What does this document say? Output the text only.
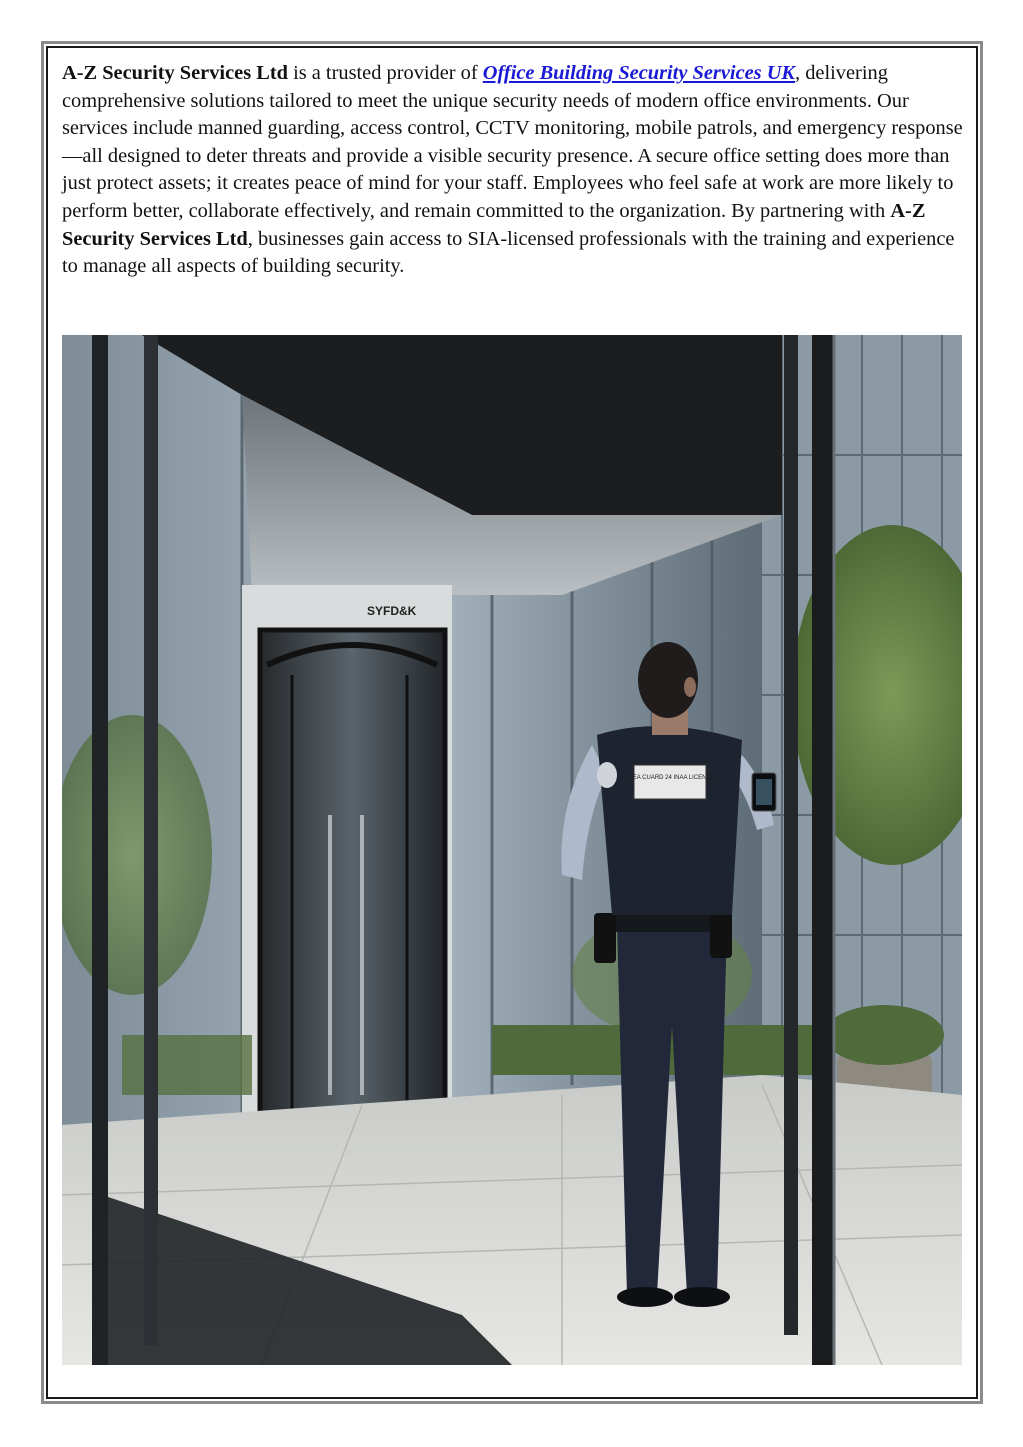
A-Z Security Services Ltd is a trusted provider of Office Building Security Services UK, delivering comprehensive solutions tailored to meet the unique security needs of modern office environments. Our services include manned guarding, access control, CCTV monitoring, mobile patrols, and emergency response—all designed to deter threats and provide a visible security presence. A secure office setting does more than just protect assets; it creates peace of mind for your staff. Employees who feel safe at work are more likely to perform better, collaborate effectively, and remain committed to the organization. By partnering with A-Z Security Services Ltd, businesses gain access to SIA-licensed professionals with the training and experience to manage all aspects of building security.

SYFD&K
ASTEA CUARD 24 INAA LICENSED
